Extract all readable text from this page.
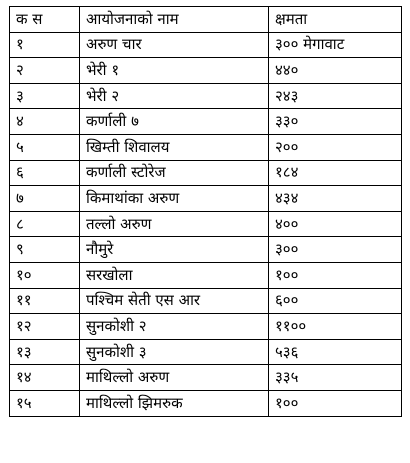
क स	आयोजनाको नाम	क्षमता
१	अरुण चार	३०० मेगावाट
२	भेरी १	४४०
३	भेरी २	२४३
४	कर्णाली ७	३३०
५	खिम्ती शिवालय	२००
६	कर्णाली स्टोरेज	१८४
७	किमाथांका अरुण	४३४
८	तल्लो अरुण	४००
९	नौमुरे	३००
१०	सरखोला	१००
११	पश्चिम सेती एस आर	६००
१२	सुनकोशी २	११००
१३	सुनकोशी ३	५३६
१४	माथिल्लो अरुण	३३५
१५	माथिल्लो झिमरुक	१००
